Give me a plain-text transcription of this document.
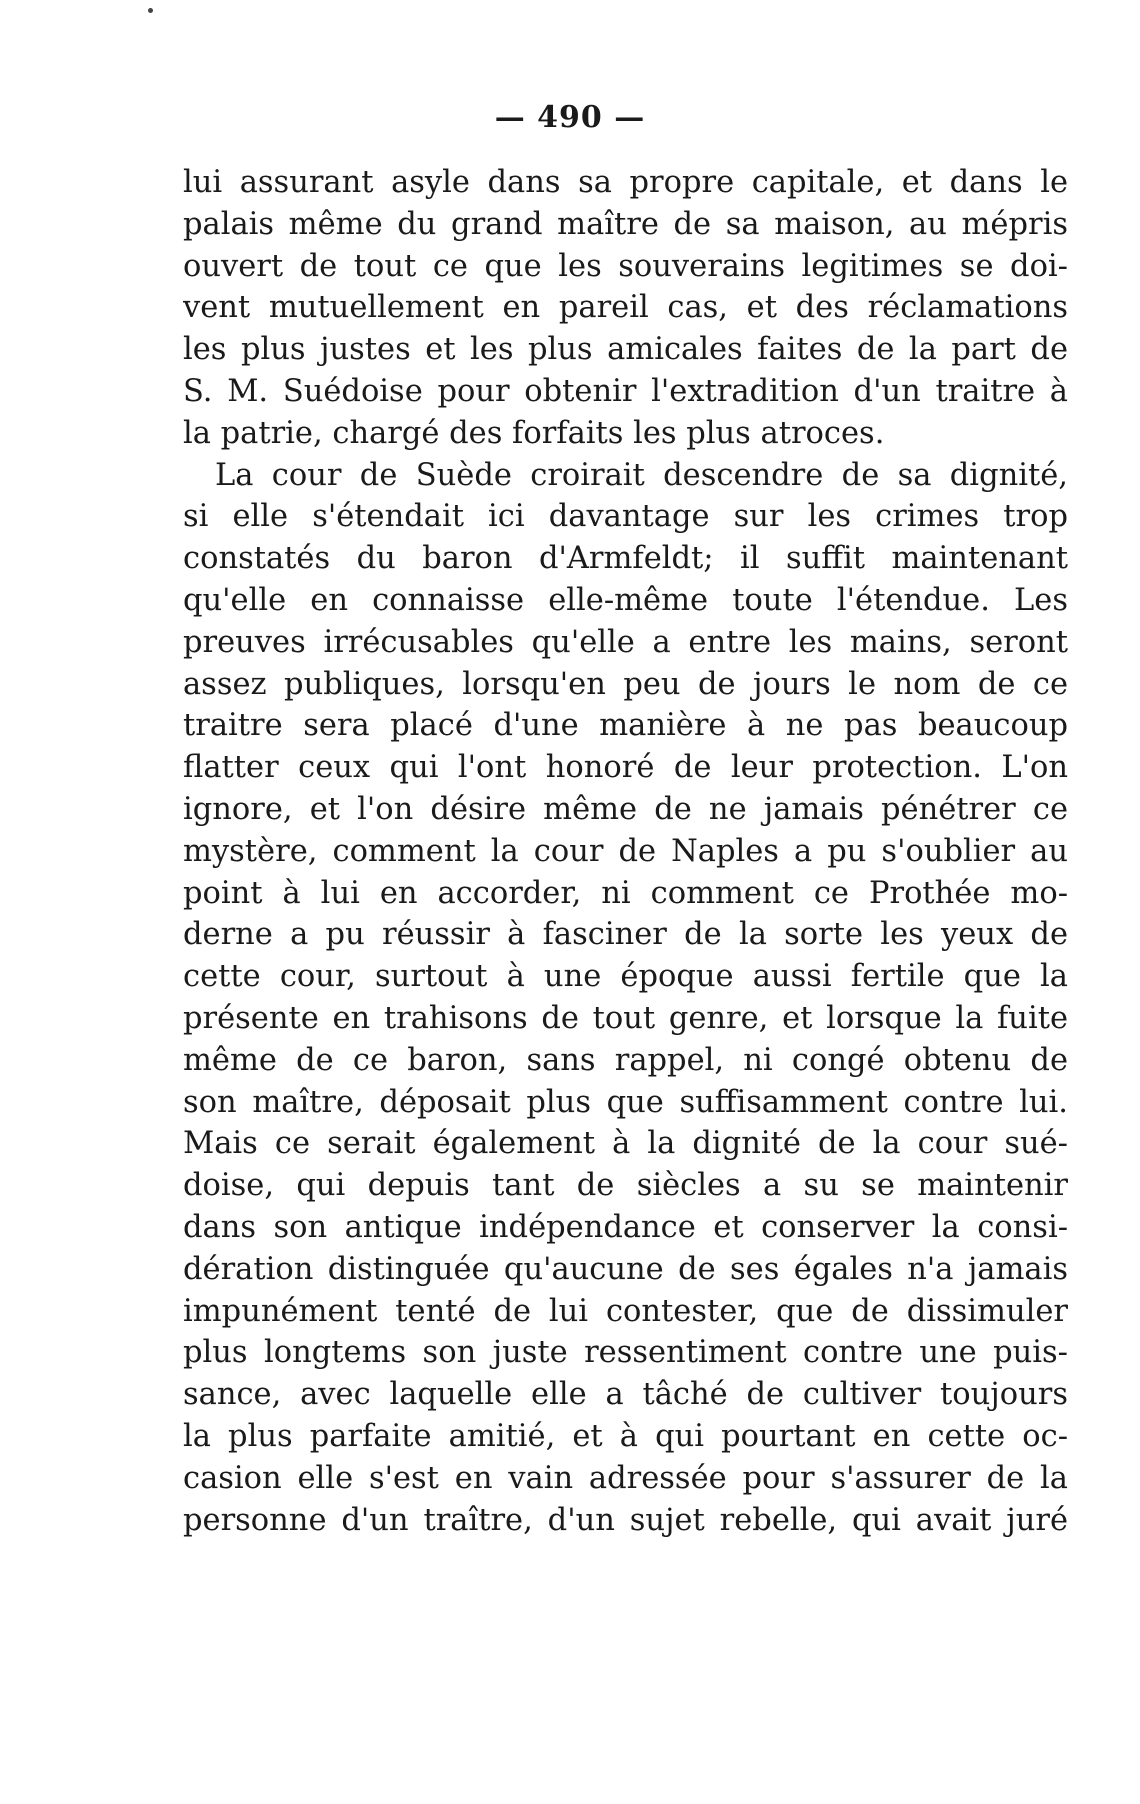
— 490 —
lui assurant asyle dans sa propre capitale, et dans le
palais même du grand maître de sa maison, au mépris
ouvert de tout ce que les souverains legitimes se doi-
vent mutuellement en pareil cas, et des réclamations
les plus justes et les plus amicales faites de la part de
S. M. Suédoise pour obtenir l'extradition d'un traitre à
la patrie, chargé des forfaits les plus atroces.
La cour de Suède croirait descendre de sa dignité,
si elle s'étendait ici davantage sur les crimes trop
constatés du baron d'Armfeldt; il suffit maintenant
qu'elle en connaisse elle-même toute l'étendue. Les
preuves irrécusables qu'elle a entre les mains, seront
assez publiques, lorsqu'en peu de jours le nom de ce
traitre sera placé d'une manière à ne pas beaucoup
flatter ceux qui l'ont honoré de leur protection. L'on
ignore, et l'on désire même de ne jamais pénétrer ce
mystère, comment la cour de Naples a pu s'oublier au
point à lui en accorder, ni comment ce Prothée mo-
derne a pu réussir à fasciner de la sorte les yeux de
cette cour, surtout à une époque aussi fertile que la
présente en trahisons de tout genre, et lorsque la fuite
même de ce baron, sans rappel, ni congé obtenu de
son maître, déposait plus que suffisamment contre lui.
Mais ce serait également à la dignité de la cour sué-
doise, qui depuis tant de siècles a su se maintenir
dans son antique indépendance et conserver la consi-
dération distinguée qu'aucune de ses égales n'a jamais
impunément tenté de lui contester, que de dissimuler
plus longtems son juste ressentiment contre une puis-
sance, avec laquelle elle a tâché de cultiver toujours
la plus parfaite amitié, et à qui pourtant en cette oc-
casion elle s'est en vain adressée pour s'assurer de la
personne d'un traître, d'un sujet rebelle, qui avait juré
